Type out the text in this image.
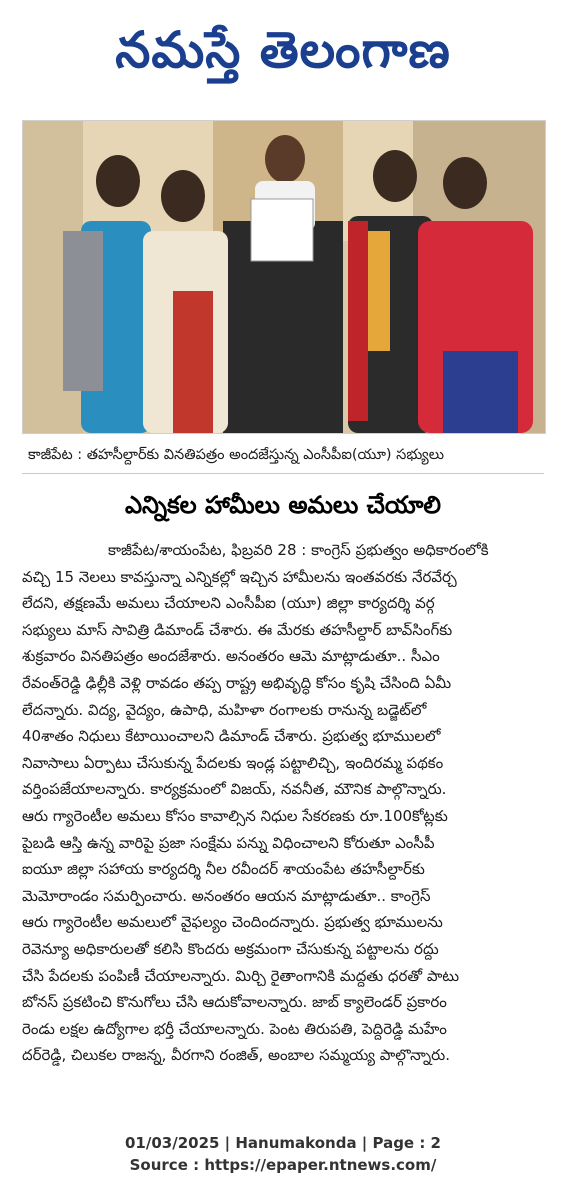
నమస్తే తెలంగాణ
కాజీపేట : తహసీల్దార్‌కు వినతిపత్రం అందజేస్తున్న ఎంసీపీఐ(యూ) సభ్యులు
ఎన్నికల హామీలు అమలు చేయాలి
కాజీపేట/శాయంపేట, ఫిబ్రవరి 28 : కాంగ్రెస్ ప్రభుత్వం అధికారంలోకి
వచ్చి 15 నెలలు కావస్తున్నా ఎన్నికల్లో ఇచ్చిన హామీలను ఇంతవరకు నేరవేర్చ
లేదని, తక్షణమే అమలు చేయాలని ఎంసీపీఐ (యూ) జిల్లా కార్యదర్శి వర్గ
సభ్యులు మాస్ సావిత్రి డిమాండ్ చేశారు. ఈ మేరకు తహసీల్దార్ బావ్‌సింగ్‌కు
శుక్రవారం వినతిపత్రం అందజేశారు. అనంతరం ఆమె మాట్లాడుతూ.. సీఎం
రేవంత్‌రెడ్డి ఢిల్లీకి వెళ్లి రావడం తప్ప రాష్ట్ర అభివృద్ధి కోసం కృషి చేసింది ఏమీ
లేదన్నారు. విద్య, వైద్యం, ఉపాధి, మహిళా రంగాలకు రానున్న బడ్జెట్‌లో
40శాతం నిధులు కేటాయించాలని డిమాండ్ చేశారు. ప్రభుత్వ భూములలో
నివాసాలు ఏర్పాటు చేసుకున్న పేదలకు ఇండ్ల పట్టాలిచ్చి, ఇందిరమ్మ పథకం
వర్తింపజేయాలన్నారు. కార్యక్రమంలో విజయ్, నవనీత, మౌనిక పాల్గొన్నారు.
ఆరు గ్యారెంటీల అమలు కోసం కావాల్సిన నిధుల సేకరణకు రూ.100కోట్లకు
పైబడి ఆస్తి ఉన్న వారిపై ప్రజా సంక్షేమ పన్ను విధించాలని కోరుతూ ఎంసీపీ
ఐయూ జిల్లా సహాయ కార్యదర్శి నీల రవీందర్ శాయంపేట తహసీల్దార్‌కు
మెమోరాండం సమర్పించారు. అనంతరం ఆయన మాట్లాడుతూ.. కాంగ్రెస్
ఆరు గ్యారెంటీల అమలులో వైఫల్యం చెందిందన్నారు. ప్రభుత్వ భూములను
రెవెన్యూ అధికారులతో కలిసి కొందరు అక్రమంగా చేసుకున్న పట్టాలను రద్దు
చేసి పేదలకు పంపిణీ చేయాలన్నారు. మిర్చి రైతాంగానికి మద్దతు ధరతో పాటు
బోనస్ ప్రకటించి కొనుగోలు చేసి ఆదుకోవాలన్నారు. జాబ్ క్యాలెండర్ ప్రకారం
రెండు లక్షల ఉద్యోగాల భర్తీ చేయాలన్నారు. పెంట తిరుపతి, పెద్దిరెడ్డి మహేం
దర్‌రెడ్డి, చిలుకల రాజన్న, వీరగాని రంజిత్, అంబాల సమ్మయ్య పాల్గొన్నారు.
01/03/2025 | Hanumakonda | Page : 2
Source : https://epaper.ntnews.com/
